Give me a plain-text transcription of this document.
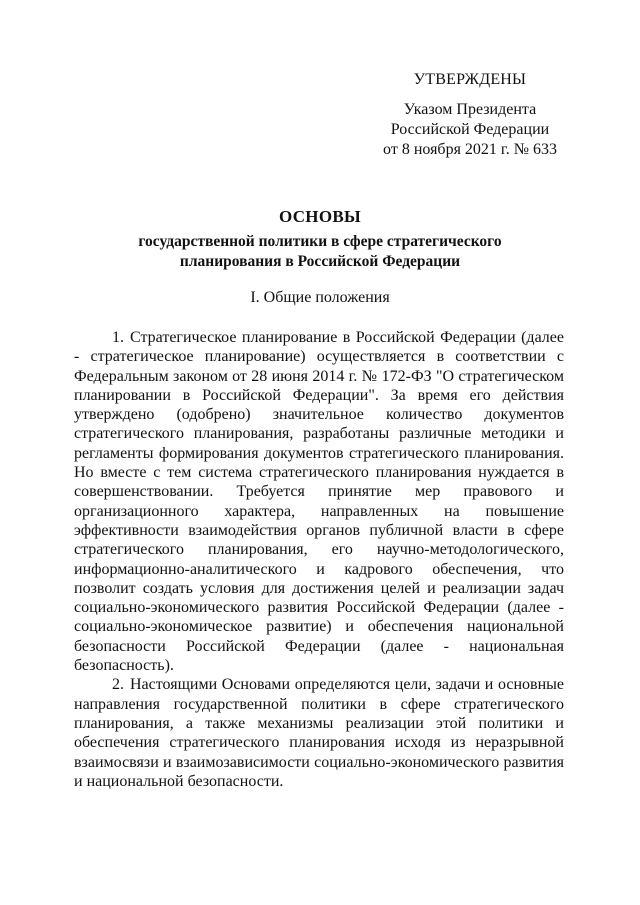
УТВЕРЖДЕНЫ
Указом Президента
Российской Федерации
от 8 ноября 2021 г. № 633
ОСНОВЫ
государственной политики в сфере стратегического
планирования в Российской Федерации
I. Общие положения

1. Стратегическое планирование в Российской Федерации (далее - стратегическое планирование) осуществляется в соответствии с Федеральным законом от 28 июня 2014 г. № 172-ФЗ "О стратегическом планировании в Российской Федерации". За время его действия утверждено (одобрено) значительное количество документов стратегического планирования, разработаны различные методики и регламенты формирования документов стратегического планирования. Но вместе с тем система стратегического планирования нуждается в совершенствовании. Требуется принятие мер правового и организационного характера, направленных на повышение эффективности взаимодействия органов публичной власти в сфере стратегического планирования, его научно-методологического, информационно-аналитического и кадрового обеспечения, что позволит создать условия для достижения целей и реализации задач социально-экономического развития Российской Федерации (далее - социально-экономическое развитие) и обеспечения национальной безопасности Российской Федерации (далее - национальная безопасность).

2. Настоящими Основами определяются цели, задачи и основные направления государственной политики в сфере стратегического планирования, а также механизмы реализации этой политики и обеспечения стратегического планирования исходя из неразрывной взаимосвязи и взаимозависимости социально-экономического развития и национальной безопасности.
